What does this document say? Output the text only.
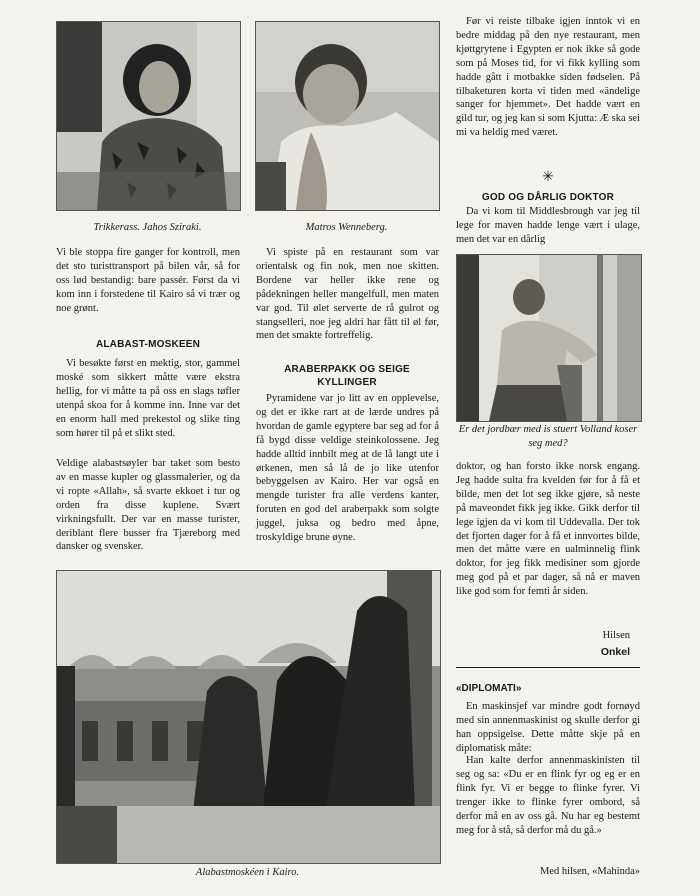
Trikkerass. Jahos Sziraki.	Matros Wenneberg.

Vi ble stoppa fire ganger for kontroll, men det sto turisttransport på bilen vår, så for oss lød bestandig: bare passér. Først da vi kom inn i forstedene til Kairo så vi trær og noe grønt.

ALABAST-MOSKEEN

Vi besøkte først en mektig, stor, gammel moské som sikkert måtte være ekstra hellig, for vi måtte ta på oss en slags tøfler utenpå skoa for å komme inn. Inne var det en enorm hall med prekestol og slike ting som hører til på et slikt sted.

Veldige alabastsøyler bar taket som besto av en masse kupler og glassmalerier, og da vi ropte «Allah», så svarte ekkoet i tur og orden fra disse kuplene. Svært virkningsfullt. Der var en masse turister, deriblant flere busser fra Tjæreborg med dansker og svensker.

Vi spiste på en restaurant som var orientalsk og fin nok, men noe skitten. Bordene var heller ikke rene og pådekningen heller mangelfull, men maten var god. Til ølet serverte de rå gulrot og stangselleri, noe jeg aldri har fått til øl før, men det smakte fortreffelig.

ARABERPAKK OG SEIGE KYLLINGER

Pyramidene var jo litt av en opplevelse, og det er ikke rart at de lærde undres på hvordan de gamle egyptere bar seg ad for å få bygd disse veldige steinkolossene. Jeg hadde alltid innbilt meg at de lå langt ute i ørkenen, men så lå de jo like utenfor bebyggelsen av Kairo. Her var også en mengde turister fra alle verdens kanter, foruten en god del araberpakk som solgte juggel, juksa og bedro med åpne, troskyldige brune øyne.

Alabastmoskéen i Kairo.

Før vi reiste tilbake igjen inntok vi en bedre middag på den nye restaurant, men kjøttgrytene i Egypten er nok ikke så gode som på Moses tid, for vi fikk kylling som hadde gått i motbakke siden fødselen. På tilbaketuren korta vi tiden med «ändelige sanger for hjemmet». Det hadde vært en gild tur, og jeg kan si som Kjutta: Æ ska sei mi va heldig med været.

✳
GOD OG DÅRLIG DOKTOR

Da vi kom til Middlesbrough var jeg til lege for maven hadde lenge vært i ulage, men det var en dårlig

Er det jordbær med is stuert Volland koser seg med?

doktor, og han forsto ikke norsk engang. Jeg hadde sulta fra kvelden før for å få et bilde, men det lot seg ikke gjøre, så neste på maveondet fikk jeg ikke. Gikk derfor til lege igjen da vi kom til Uddevalla. Der tok det fjorten dager for å få et innvortes bilde, men det måtte være en ualminnelig flink doktor, for jeg fikk medisiner som gjorde meg god på et par dager, så nå er maven like god som for femti år siden.

Hilsen
Onkel
«DIPLOMATI»

En maskinsjef var mindre godt fornøyd med sin annenmaskinist og skulle derfor gi han oppsigelse. Dette måtte skje på en diplomatisk måte:

Han kalte derfor annenmaskinisten til seg og sa: «Du er en flink fyr og eg er en flink fyr. Vi er begge to flinke fyrer. Vi trenger ikke to flinke fyrer ombord, så derfor må en av oss gå. Nu har eg bestemt meg for å stå, så derfor må du gå.»

Med hilsen, «Mahinda»
